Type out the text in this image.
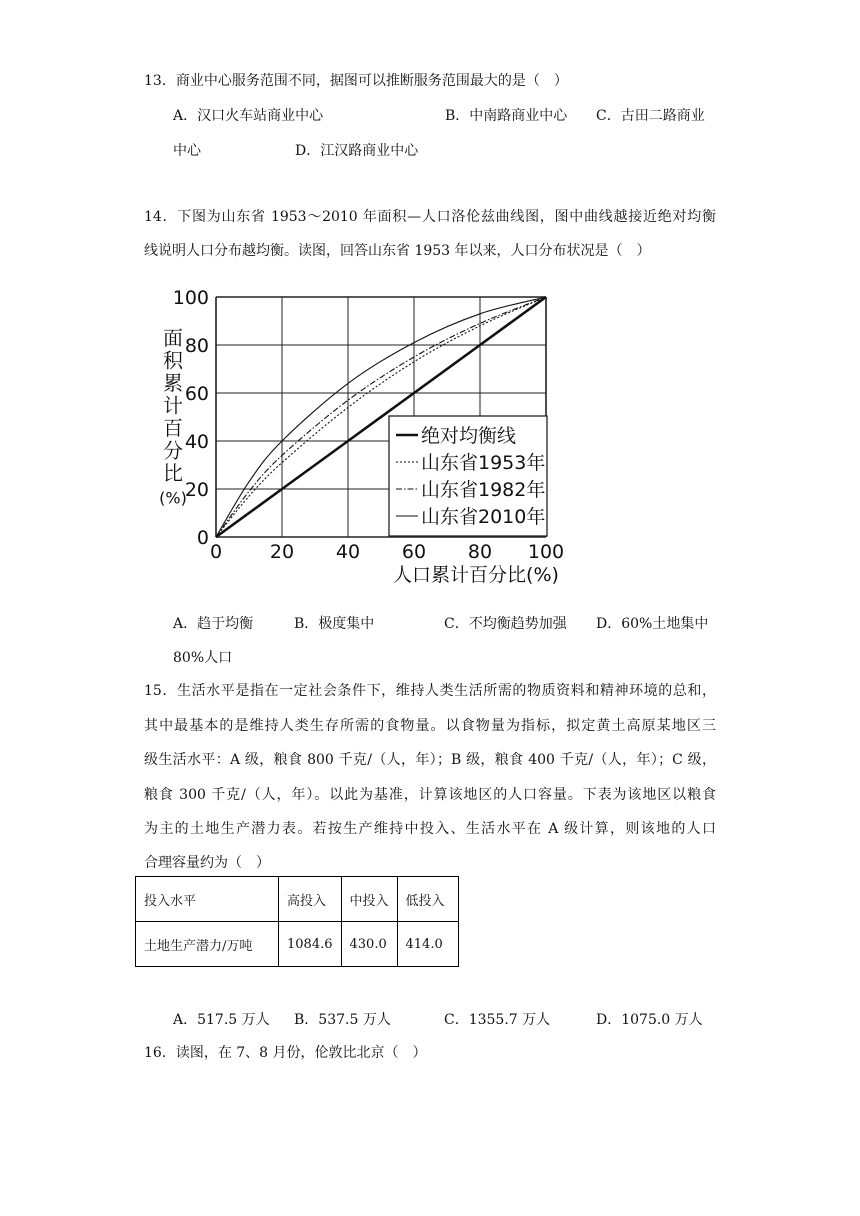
13．商业中心服务范围不同，据图可以推断服务范围最大的是（　）
A．汉口火车站商业中心	B．中南路商业中心 C．古田二路商业
中心	D．江汉路商业中心
14．下图为山东省 1953～2010 年面积—人口洛伦兹曲线图，图中曲线越接近绝对均衡
线说明人口分布越均衡。读图，回答山东省 1953 年以来，人口分布状况是（　）
0
20
40
60
80
100
0	20 40 60 80 100
面
积
累
计
百
分
比
(%)
人口累计百分比(%)
绝对均衡线
山东省1953年
山东省1982年
山东省2010年
A．趋于均衡	B．极度集中	C．不均衡趋势加强 D．60%土地集中
80%人口
15．生活水平是指在一定社会条件下，维持人类生活所需的物质资料和精神环境的总和，
其中最基本的是维持人类生存所需的食物量。以食物量为指标，拟定黄土高原某地区三
级生活水平：A 级，粮食 800 千克/（人，年）；B 级，粮食 400 千克/（人，年）；C 级，
粮食 300 千克/（人，年）。以此为基准，计算该地区的人口容量。下表为该地区以粮食
为主的土地生产潜力表。若按生产维持中投入、生活水平在 A 级计算，则该地的人口
合理容量约为（　）
投入水平	高投入	中投入	低投入
土地生产潜力/万吨	1084.6	430.0	414.0
A．517.5 万人 B．537.5 万人	C．1355.7 万人	D．1075.0 万人
16．读图，在 7、8 月份，伦敦比北京（　）
